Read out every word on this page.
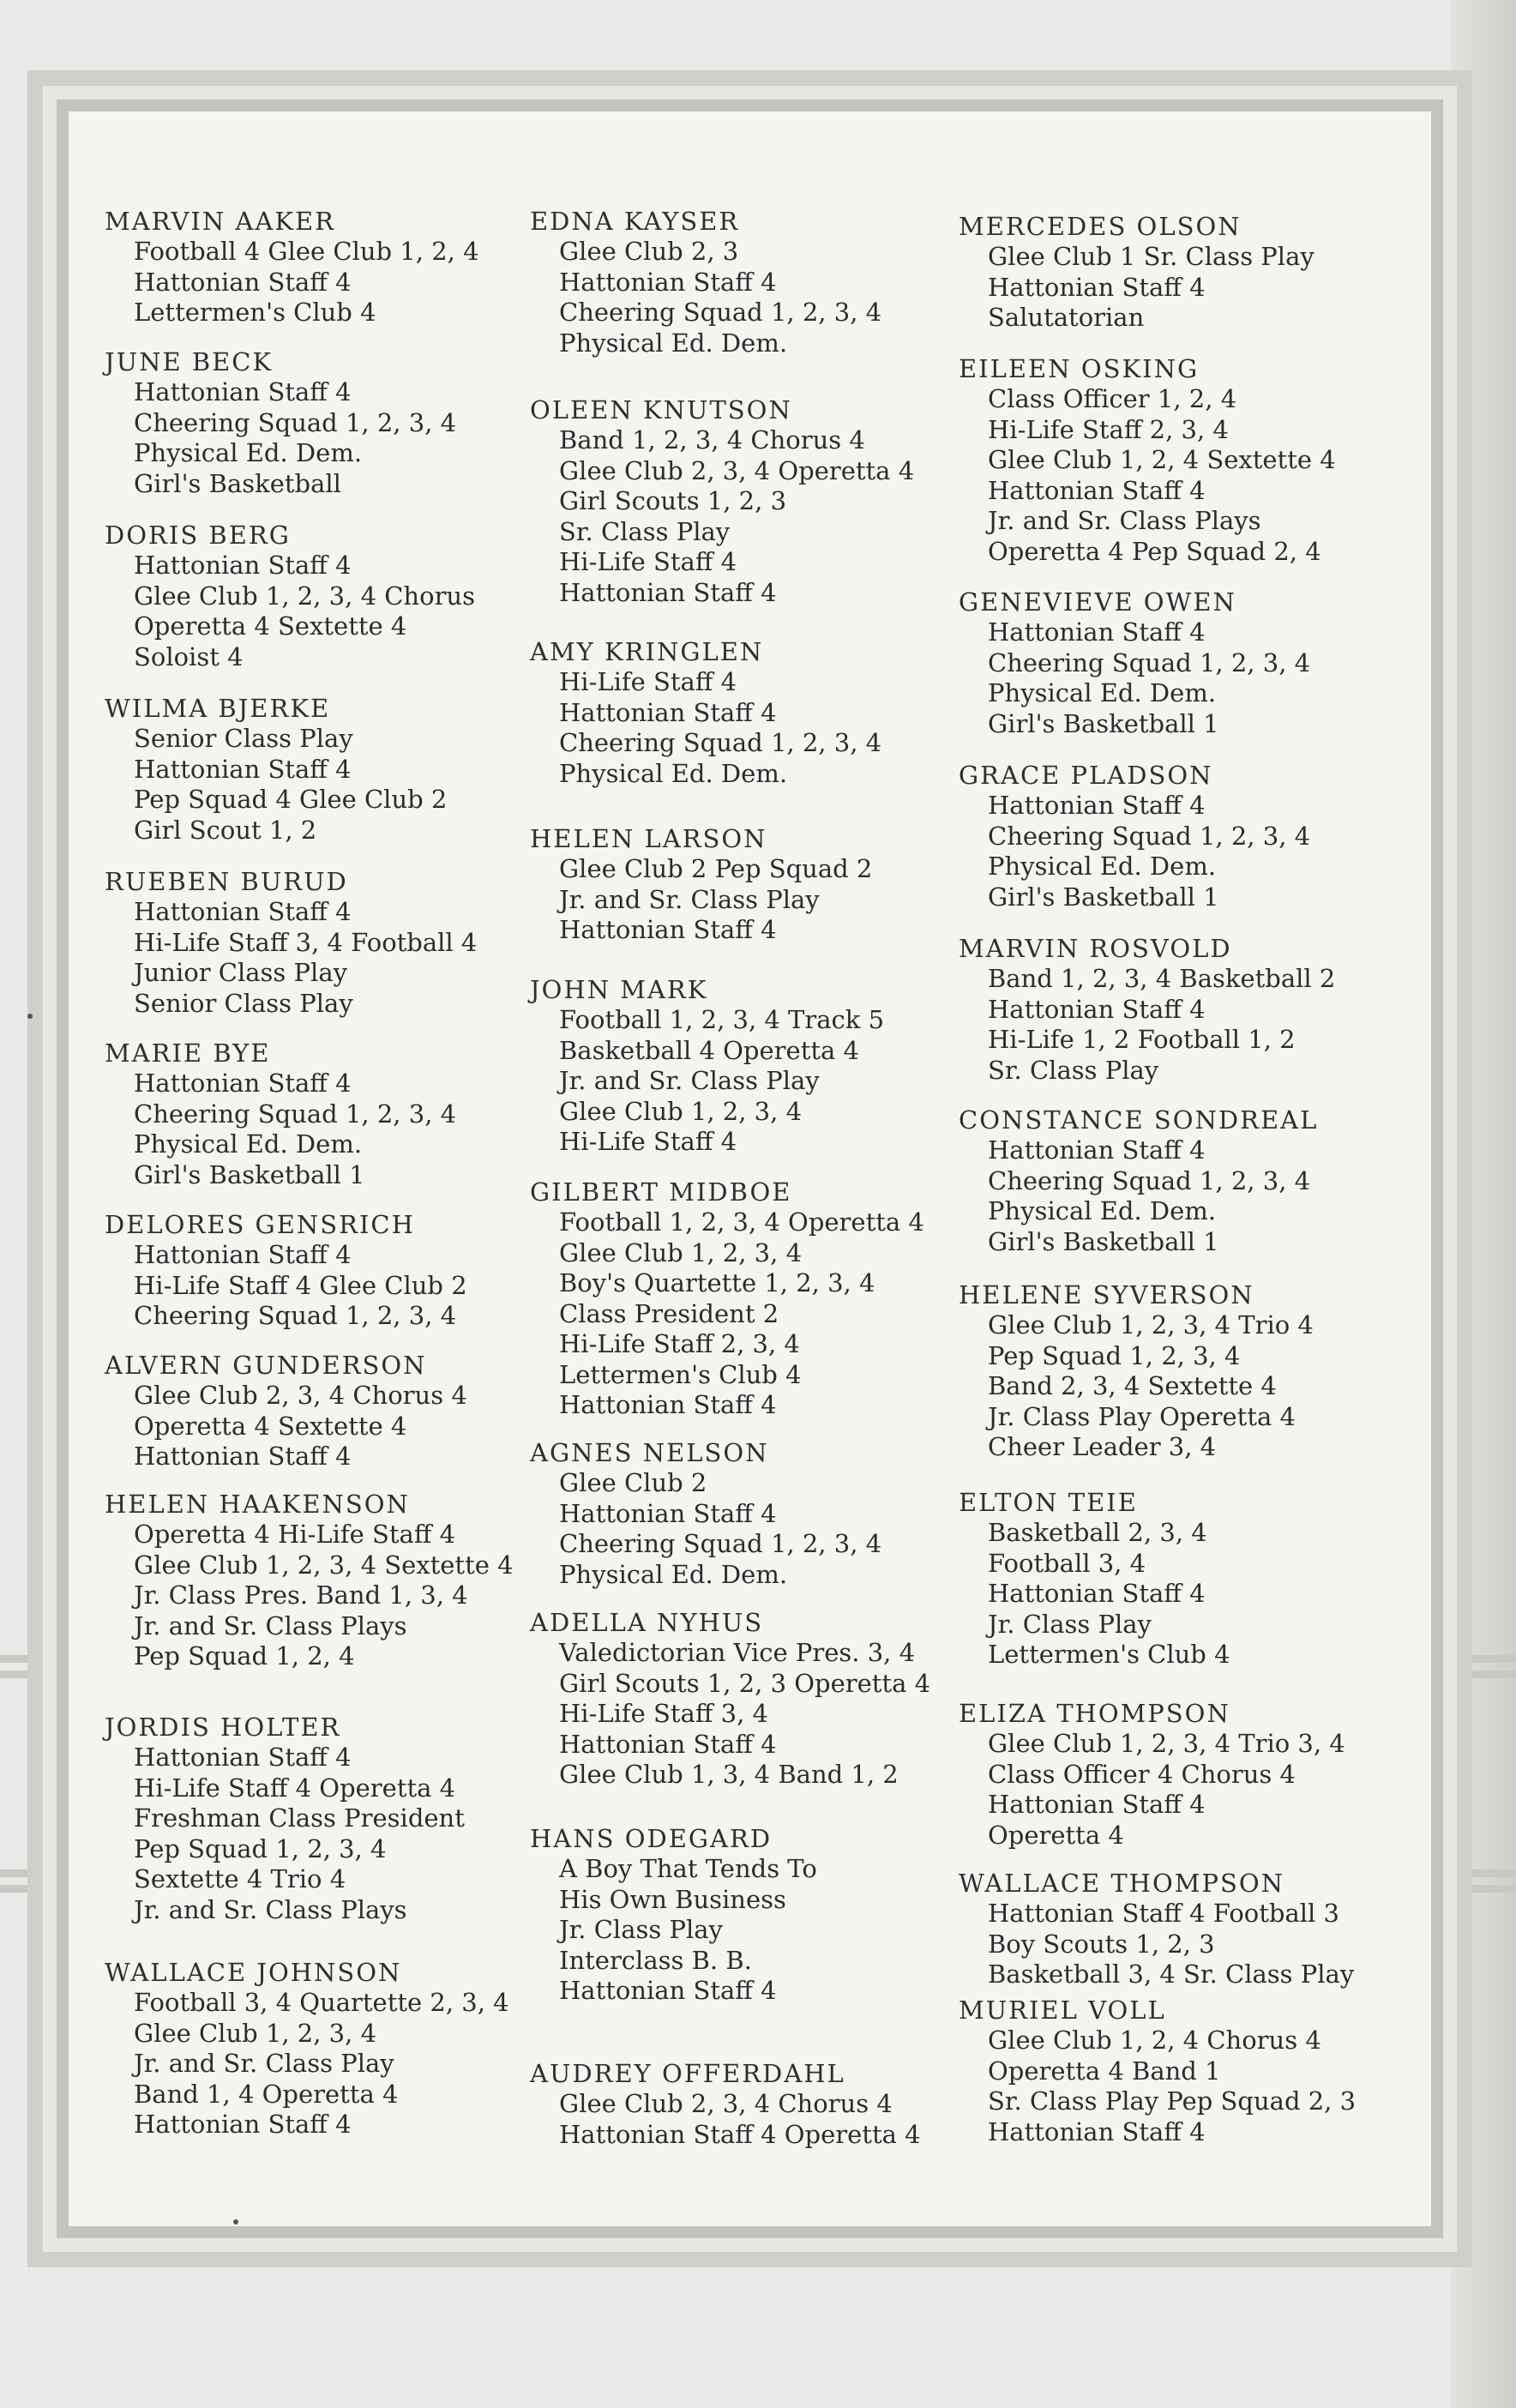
MARVIN AAKER
Football 4 Glee Club 1, 2, 4
Hattonian Staff 4
Lettermen's Club 4
JUNE BECK
Hattonian Staff 4
Cheering Squad 1, 2, 3, 4
Physical Ed. Dem.
Girl's Basketball
DORIS BERG
Hattonian Staff 4
Glee Club 1, 2, 3, 4 Chorus
Operetta 4 Sextette 4
Soloist 4
WILMA BJERKE
Senior Class Play
Hattonian Staff 4
Pep Squad 4 Glee Club 2
Girl Scout 1, 2
RUEBEN BURUD
Hattonian Staff 4
Hi-Life Staff 3, 4 Football 4
Junior Class Play
Senior Class Play
MARIE BYE
Hattonian Staff 4
Cheering Squad 1, 2, 3, 4
Physical Ed. Dem.
Girl's Basketball 1
DELORES GENSRICH
Hattonian Staff 4
Hi-Life Staff 4 Glee Club 2
Cheering Squad 1, 2, 3, 4
ALVERN GUNDERSON
Glee Club 2, 3, 4 Chorus 4
Operetta 4 Sextette 4
Hattonian Staff 4
HELEN HAAKENSON
Operetta 4 Hi-Life Staff 4
Glee Club 1, 2, 3, 4 Sextette 4
Jr. Class Pres. Band 1, 3, 4
Jr. and Sr. Class Plays
Pep Squad 1, 2, 4
JORDIS HOLTER
Hattonian Staff 4
Hi-Life Staff 4 Operetta 4
Freshman Class President
Pep Squad 1, 2, 3, 4
Sextette 4 Trio 4
Jr. and Sr. Class Plays
WALLACE JOHNSON
Football 3, 4 Quartette 2, 3, 4
Glee Club 1, 2, 3, 4
Jr. and Sr. Class Play
Band 1, 4 Operetta 4
Hattonian Staff 4
EDNA KAYSER
Glee Club 2, 3
Hattonian Staff 4
Cheering Squad 1, 2, 3, 4
Physical Ed. Dem.
OLEEN KNUTSON
Band 1, 2, 3, 4 Chorus 4
Glee Club 2, 3, 4 Operetta 4
Girl Scouts 1, 2, 3
Sr. Class Play
Hi-Life Staff 4
Hattonian Staff 4
AMY KRINGLEN
Hi-Life Staff 4
Hattonian Staff 4
Cheering Squad 1, 2, 3, 4
Physical Ed. Dem.
HELEN LARSON
Glee Club 2 Pep Squad 2
Jr. and Sr. Class Play
Hattonian Staff 4
JOHN MARK
Football 1, 2, 3, 4 Track 5
Basketball 4 Operetta 4
Jr. and Sr. Class Play
Glee Club 1, 2, 3, 4
Hi-Life Staff 4
GILBERT MIDBOE
Football 1, 2, 3, 4 Operetta 4
Glee Club 1, 2, 3, 4
Boy's Quartette 1, 2, 3, 4
Class President 2
Hi-Life Staff 2, 3, 4
Lettermen's Club 4
Hattonian Staff 4
AGNES NELSON
Glee Club 2
Hattonian Staff 4
Cheering Squad 1, 2, 3, 4
Physical Ed. Dem.
ADELLA NYHUS
Valedictorian Vice Pres. 3, 4
Girl Scouts 1, 2, 3 Operetta 4
Hi-Life Staff 3, 4
Hattonian Staff 4
Glee Club 1, 3, 4 Band 1, 2
HANS ODEGARD
A Boy That Tends To
His Own Business
Jr. Class Play
Interclass B. B.
Hattonian Staff 4
AUDREY OFFERDAHL
Glee Club 2, 3, 4 Chorus 4
Hattonian Staff 4 Operetta 4
MERCEDES OLSON
Glee Club 1 Sr. Class Play
Hattonian Staff 4
Salutatorian
EILEEN OSKING
Class Officer 1, 2, 4
Hi-Life Staff 2, 3, 4
Glee Club 1, 2, 4 Sextette 4
Hattonian Staff 4
Jr. and Sr. Class Plays
Operetta 4 Pep Squad 2, 4
GENEVIEVE OWEN
Hattonian Staff 4
Cheering Squad 1, 2, 3, 4
Physical Ed. Dem.
Girl's Basketball 1
GRACE PLADSON
Hattonian Staff 4
Cheering Squad 1, 2, 3, 4
Physical Ed. Dem.
Girl's Basketball 1
MARVIN ROSVOLD
Band 1, 2, 3, 4 Basketball 2
Hattonian Staff 4
Hi-Life 1, 2 Football 1, 2
Sr. Class Play
CONSTANCE SONDREAL
Hattonian Staff 4
Cheering Squad 1, 2, 3, 4
Physical Ed. Dem.
Girl's Basketball 1
HELENE SYVERSON
Glee Club 1, 2, 3, 4 Trio 4
Pep Squad 1, 2, 3, 4
Band 2, 3, 4 Sextette 4
Jr. Class Play Operetta 4
Cheer Leader 3, 4
ELTON TEIE
Basketball 2, 3, 4
Football 3, 4
Hattonian Staff 4
Jr. Class Play
Lettermen's Club 4
ELIZA THOMPSON
Glee Club 1, 2, 3, 4 Trio 3, 4
Class Officer 4 Chorus 4
Hattonian Staff 4
Operetta 4
WALLACE THOMPSON
Hattonian Staff 4 Football 3
Boy Scouts 1, 2, 3
Basketball 3, 4 Sr. Class Play
MURIEL VOLL
Glee Club 1, 2, 4 Chorus 4
Operetta 4 Band 1
Sr. Class Play Pep Squad 2, 3
Hattonian Staff 4
